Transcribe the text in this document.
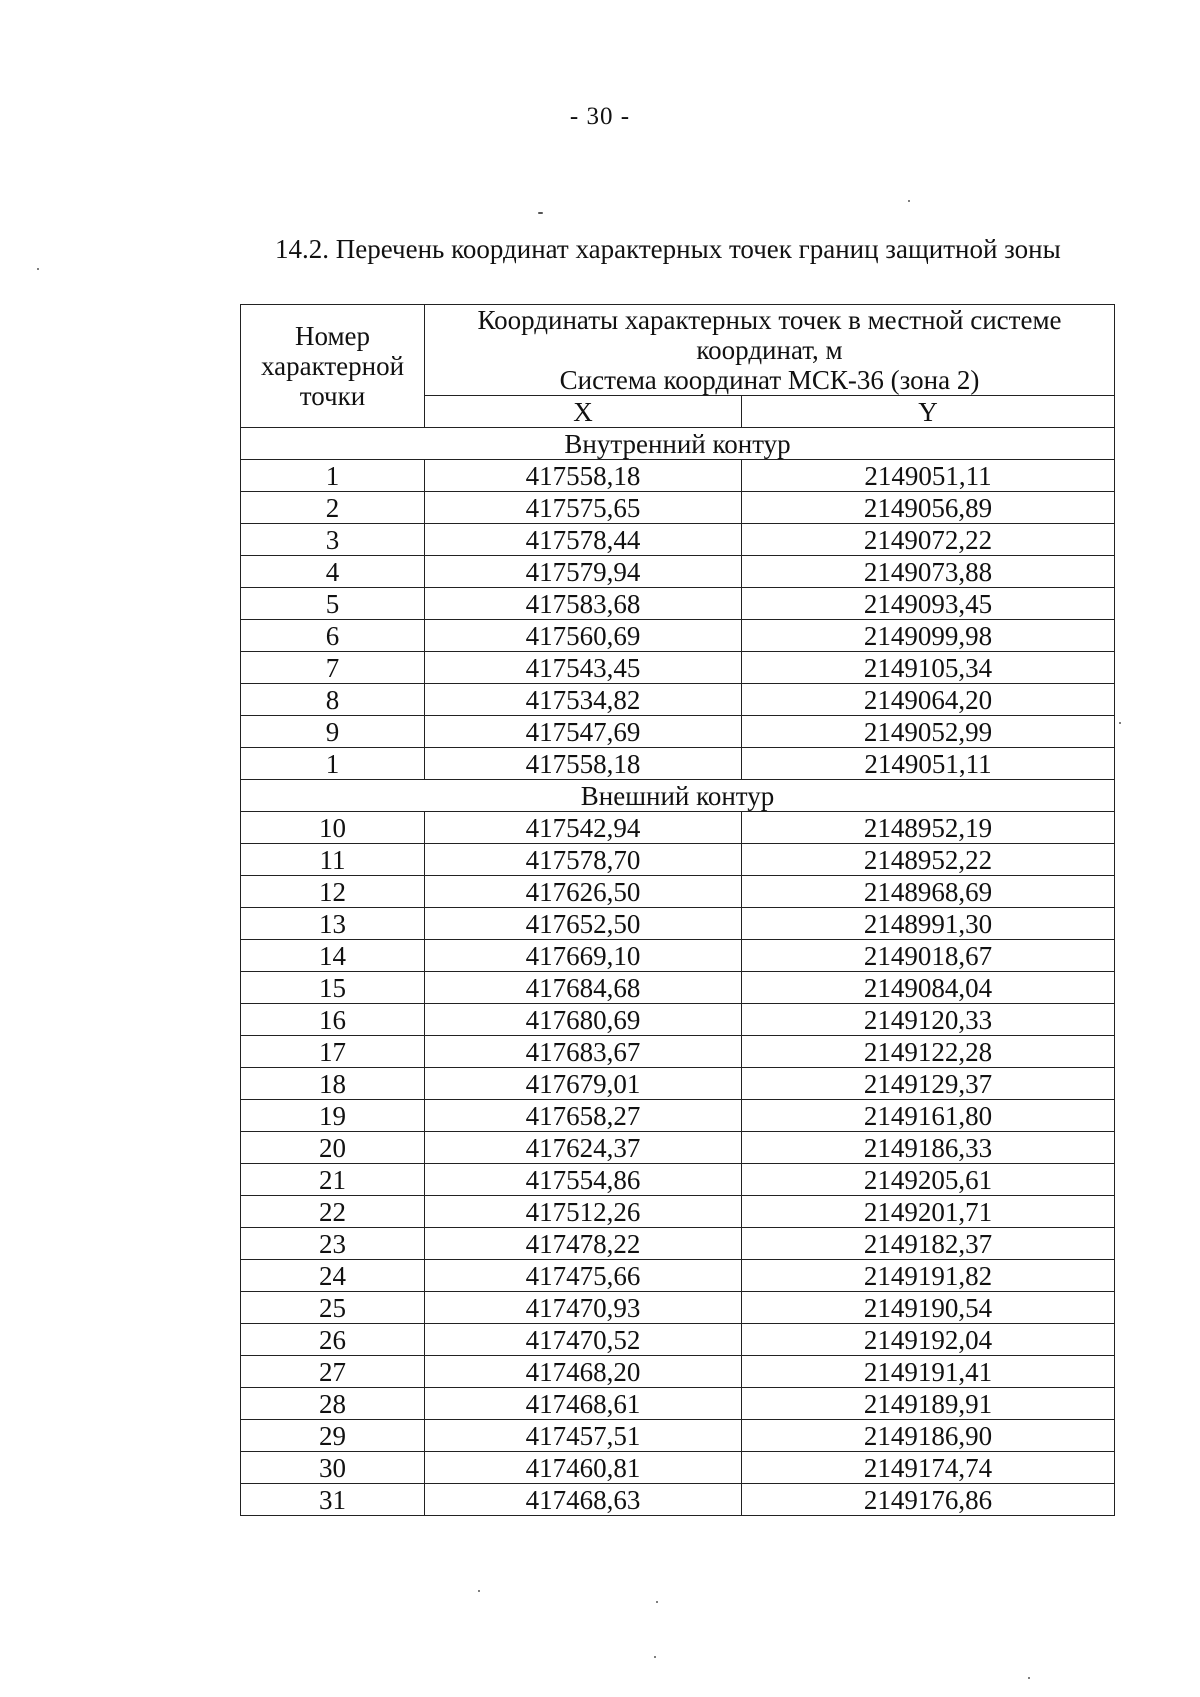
- 30 -
14.2. Перечень координат характерных точек границ защитной зоны
Номер
характерной
точки	Координаты характерных точек в местной системе
координат, м
Система координат МСК-36 (зона 2)	

	X	Y
Внутренний контур		
1	417558,18	2149051,11
2	417575,65	2149056,89
3	417578,44	2149072,22
4	417579,94	2149073,88
5	417583,68	2149093,45
6	417560,69	2149099,98
7	417543,45	2149105,34
8	417534,82	2149064,20
9	417547,69	2149052,99
1	417558,18	2149051,11
Внешний контур		
10	417542,94	2148952,19
11	417578,70	2148952,22
12	417626,50	2148968,69
13	417652,50	2148991,30
14	417669,10	2149018,67
15	417684,68	2149084,04
16	417680,69	2149120,33
17	417683,67	2149122,28
18	417679,01	2149129,37
19	417658,27	2149161,80
20	417624,37	2149186,33
21	417554,86	2149205,61
22	417512,26	2149201,71
23	417478,22	2149182,37
24	417475,66	2149191,82
25	417470,93	2149190,54
26	417470,52	2149192,04
27	417468,20	2149191,41
28	417468,61	2149189,91
29	417457,51	2149186,90
30	417460,81	2149174,74
31	417468,63	2149176,86
